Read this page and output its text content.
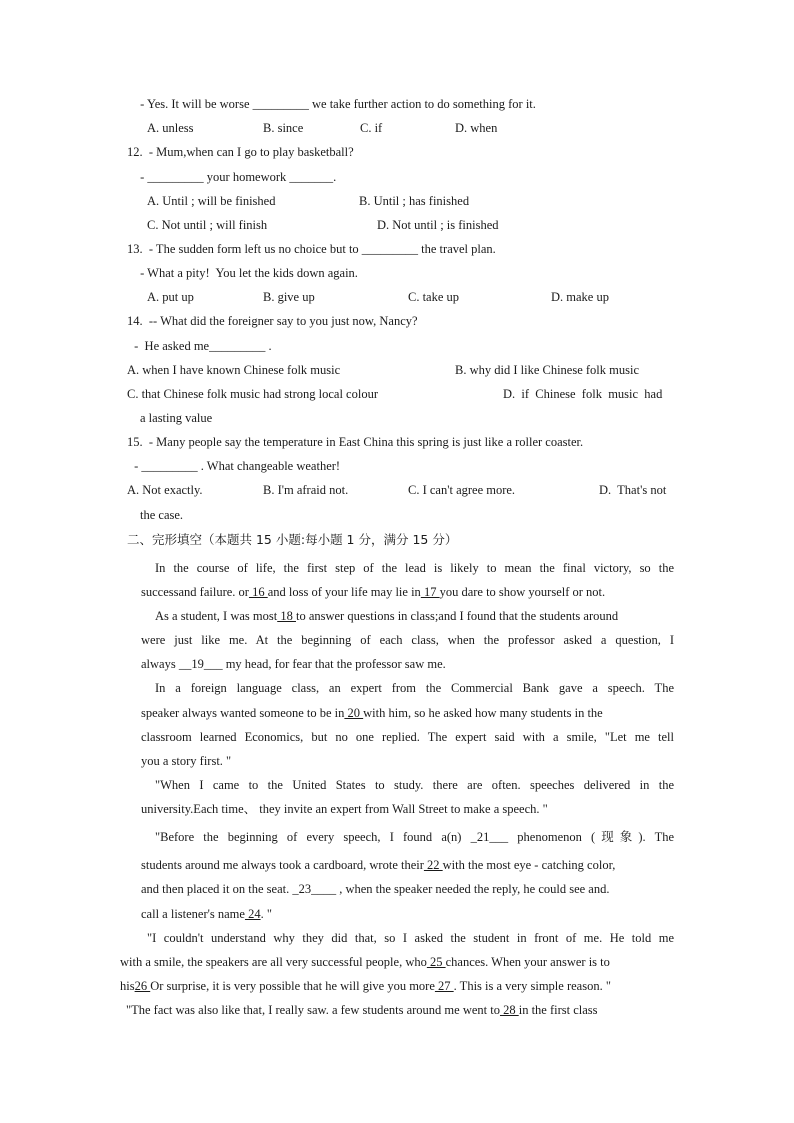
- Yes. It will be worse _________ we take further action to do something for it.
A. unless	B. since	C. if	D. when
12.  - Mum,when can I go to play basketball?
- _________ your homework _______.
A. Until ; will be finished	B. Until ; has finished
C. Not until ; will finish	D. Not until ; is finished
13.  - The sudden form left us no choice but to _________ the travel plan.
- What a pity!  You let the kids down again.
A. put up	B. give up	C. take up	D. make up
14.  -- What did the foreigner say to you just now, Nancy?
-  He asked me_________ .
A. when I have known Chinese folk music	B. why did I like Chinese folk music
C. that Chinese folk music had strong local colour	D.  if  Chinese  folk  music  had
a lasting value
15.  - Many people say the temperature in East China this spring is just like a roller coaster.
- _________ . What changeable weather!
A. Not exactly.	B. I'm afraid not.	C. I can't agree more.	D.  That's not
the case.
二、完形填空（本题共 15 小题:每小题 1 分，满分 15 分）
In the course of life, the first step of the lead is likely to mean the final victory, so the
successand failure. or 16 and loss of your life may lie in 17 you dare to show yourself or not.
As a student, I was most 18 to answer questions in class;and I found that the students around
were just like me. At the beginning of each class, when the professor asked a question, I
always __19___ my head, for fear that the professor saw me.
In a foreign language class, an expert from the Commercial Bank gave a speech. The
speaker always wanted someone to be in 20 with him, so he asked how many students in the
classroom learned Economics, but no one replied. The expert said with a smile, "Let me tell
you a story first. "
"When I came to the United States to study. there are often. speeches delivered in the
university.Each time、 they invite an expert from Wall Street to make a speech. "
"Before the beginning of every speech, I found a(n) _21___ phenomenon (现象). The
students around me always took a cardboard, wrote their 22 with the most eye - catching color,
and then placed it on the seat. _23____ , when the speaker needed the reply, he could see and.
call a listener's name 24. "
"I couldn't understand why they did that, so I asked the student in front of me. He told me
with a smile, the speakers are all very successful people, who 25 chances. When your answer is to
his26 Or surprise, it is very possible that he will give you more 27 . This is a very simple reason. "
"The fact was also like that, I really saw. a few students around me went to 28 in the first class
